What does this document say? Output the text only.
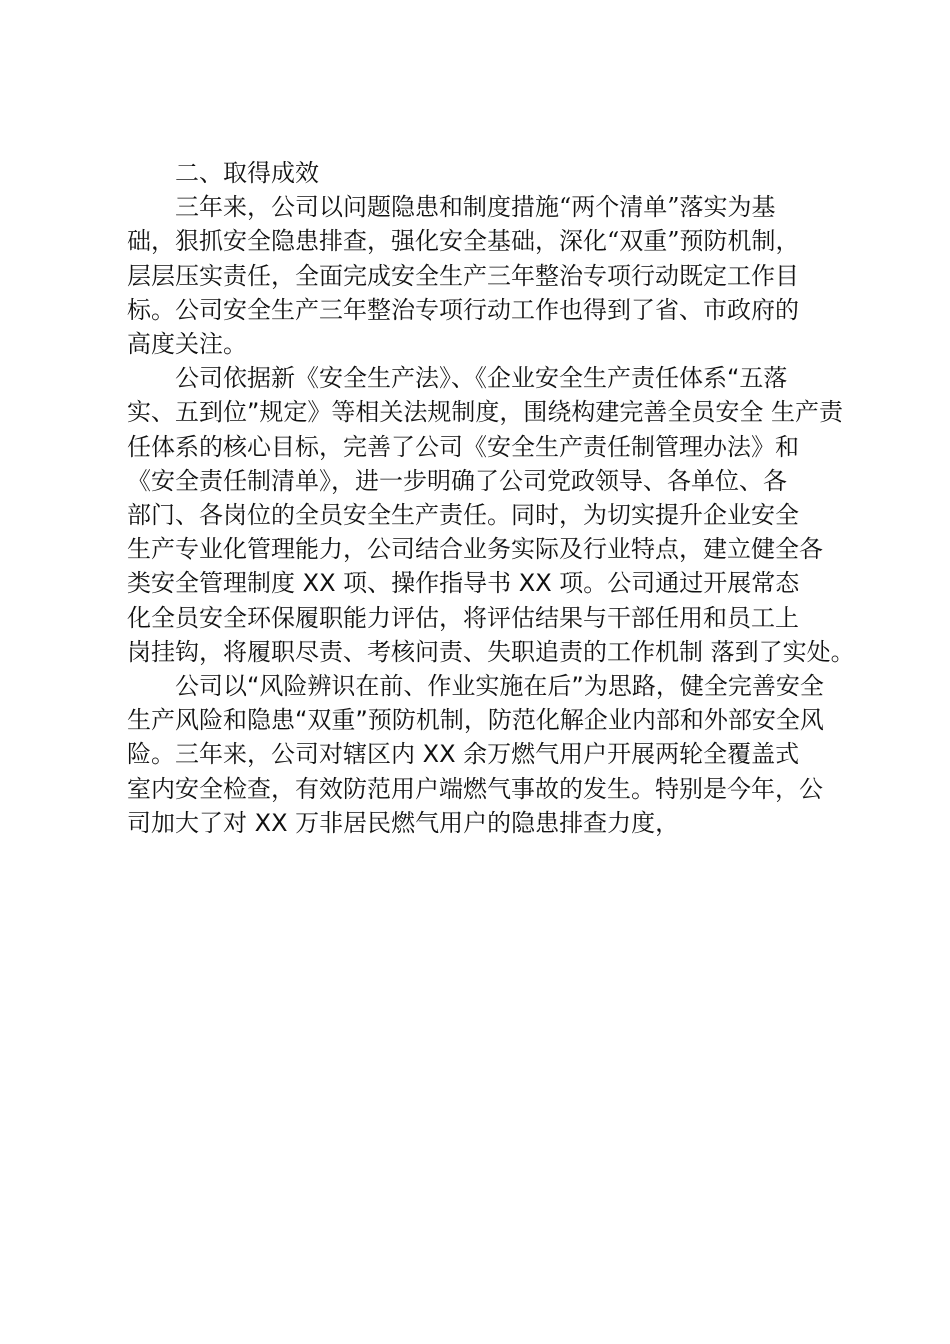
二、取得成效

三年来，公司以问题隐患和制度措施“两个清单”落实为基

础，狠抓安全隐患排查，强化安全基础，深化“双重”预防机制，

层层压实责任，全面完成安全生产三年整治专项行动既定工作目

标。公司安全生产三年整治专项行动工作也得到了省、市政府的

高度关注。

公司依据新《安全生产法》、《企业安全生产责任体系“五落

实、五到位”规定》等相关法规制度，围绕构建完善全员安全 生产责

任体系的核心目标，完善了公司《安全生产责任制管理办法》和

《安全责任制清单》，进一步明确了公司党政领导、各单位、各

部门、各岗位的全员安全生产责任。同时，为切实提升企业安全

生产专业化管理能力，公司结合业务实际及行业特点，建立健全各

类安全管理制度 XX 项、操作指导书 XX 项。公司通过开展常态

化全员安全环保履职能力评估，将评估结果与干部任用和员工上

岗挂钩，将履职尽责、考核问责、失职追责的工作机制 落到了实处。

公司以“风险辨识在前、作业实施在后”为思路，健全完善安全

生产风险和隐患“双重”预防机制，防范化解企业内部和外部安全风

险。三年来，公司对辖区内 XX 余万燃气用户开展两轮全覆盖式

室内安全检查，有效防范用户端燃气事故的发生。特别是今年，公

司加大了对 XX 万非居民燃气用户的隐患排查力度，
